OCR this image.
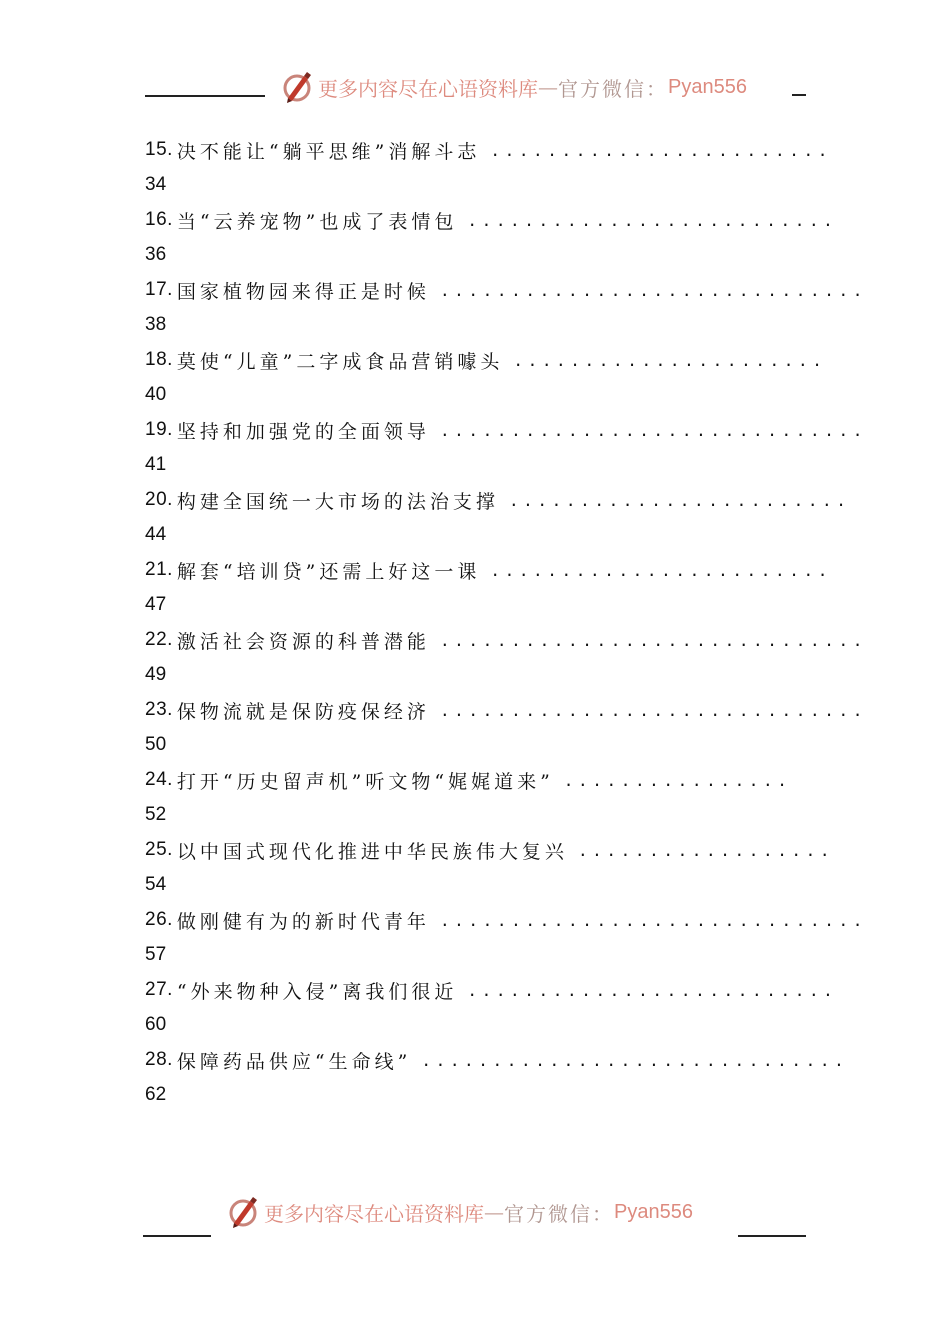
更多内容尽在心语资料库 — 官方微信： Pyan556
15. 决不能让“躺平思维”消解斗志 ........................
34
16. 当“云养宠物”也成了表情包 ..........................
36
17. 国家植物园来得正是时候 ..............................
38
18. 莫使“儿童”二字成食品营销噱头 ......................
40
19. 坚持和加强党的全面领导 ..............................
41
20. 构建全国统一大市场的法治支撑 ........................
44
21. 解套“培训贷”还需上好这一课 ........................
47
22. 激活社会资源的科普潜能 ..............................
49
23. 保物流就是保防疫保经济 ..............................
50
24. 打开“历史留声机”听文物“娓娓道来” ................
52
25. 以中国式现代化推进中华民族伟大复兴 ..................
54
26. 做刚健有为的新时代青年 ..............................
57
27. “外来物种入侵”离我们很近 ..........................
60
28. 保障药品供应“生命线” ..............................
62
更多内容尽在心语资料库 — 官方微信： Pyan556
